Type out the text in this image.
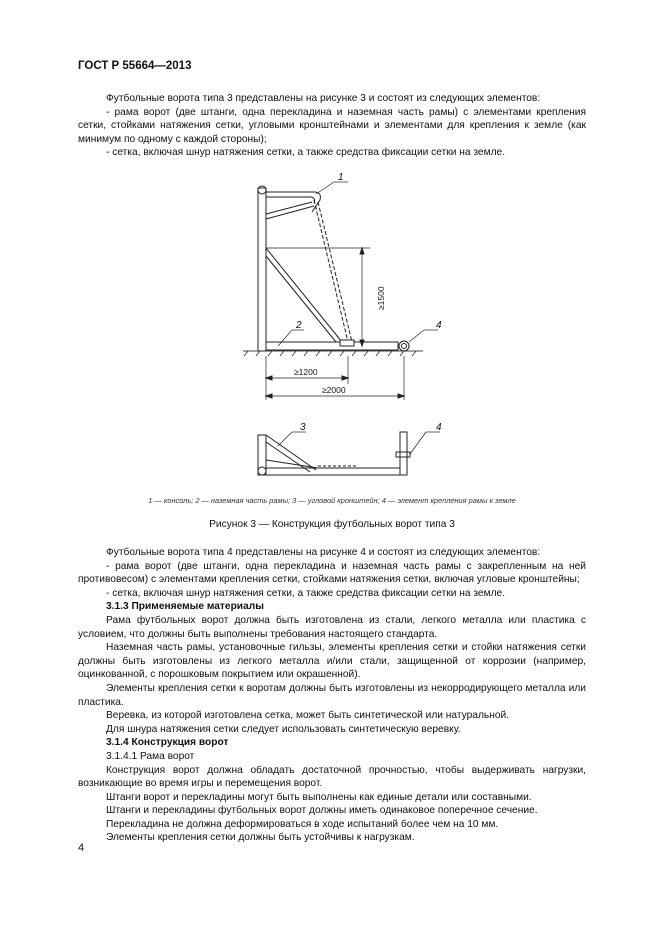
ГОСТ Р 55664—2013

Футбольные ворота типа 3 представлены на рисунке 3 и состоят из следующих элементов:

- рама ворот (две штанги, одна перекладина и наземная часть рамы) с элементами крепления сетки, стойками натяжения сетки, угловыми кронштейнами и элементами для крепления к земле (как минимум по одному с каждой стороны);

- сетка, включая шнур натяжения сетки, а также средства фиксации сетки на земле.

≥1500
≥1200
≥2000
1
2	4
3	4
1 — консоль; 2 — наземная часть рамы; 3 — угловой кронштейн; 4 — элемент крепления рамы к земле
Рисунок 3 — Конструкция футбольных ворот типа 3

Футбольные ворота типа 4 представлены на рисунке 4 и состоят из следующих элементов:

- рама ворот (две штанги, одна перекладина и наземная часть рамы с закрепленным на ней противовесом) с элементами крепления сетки, стойками натяжения сетки, включая угловые кронштейны;

- сетка, включая шнур натяжения сетки, а также средства фиксации сетки на земле.

3.1.3 Применяемые материалы

Рама футбольных ворот должна быть изготовлена из стали, легкого металла или пластика с условием, что должны быть выполнены требования настоящего стандарта.

Наземная часть рамы, установочные гильзы, элементы крепления сетки и стойки натяжения сетки должны быть изготовлены из легкого металла и/или стали, защищенной от коррозии (например, оцинкованной, с порошковым покрытием или окрашенной).

Элементы крепления сетки к воротам должны быть изготовлены из некорродирующего металла или пластика.

Веревка, из которой изготовлена сетка, может быть синтетической или натуральной.

Для шнура натяжения сетки следует использовать синтетическую веревку.

3.1.4 Конструкция ворот

3.1.4.1 Рама ворот

Конструкция ворот должна обладать достаточной прочностью, чтобы выдерживать нагрузки, возникающие во время игры и перемещения ворот.

Штанги ворот и перекладины могут быть выполнены как единые детали или составными.

Штанги и перекладины футбольных ворот должны иметь одинаковое поперечное сечение.

Перекладина не должна деформироваться в ходе испытаний более чем на 10 мм.

Элементы крепления сетки должны быть устойчивы к нагрузкам.

4
